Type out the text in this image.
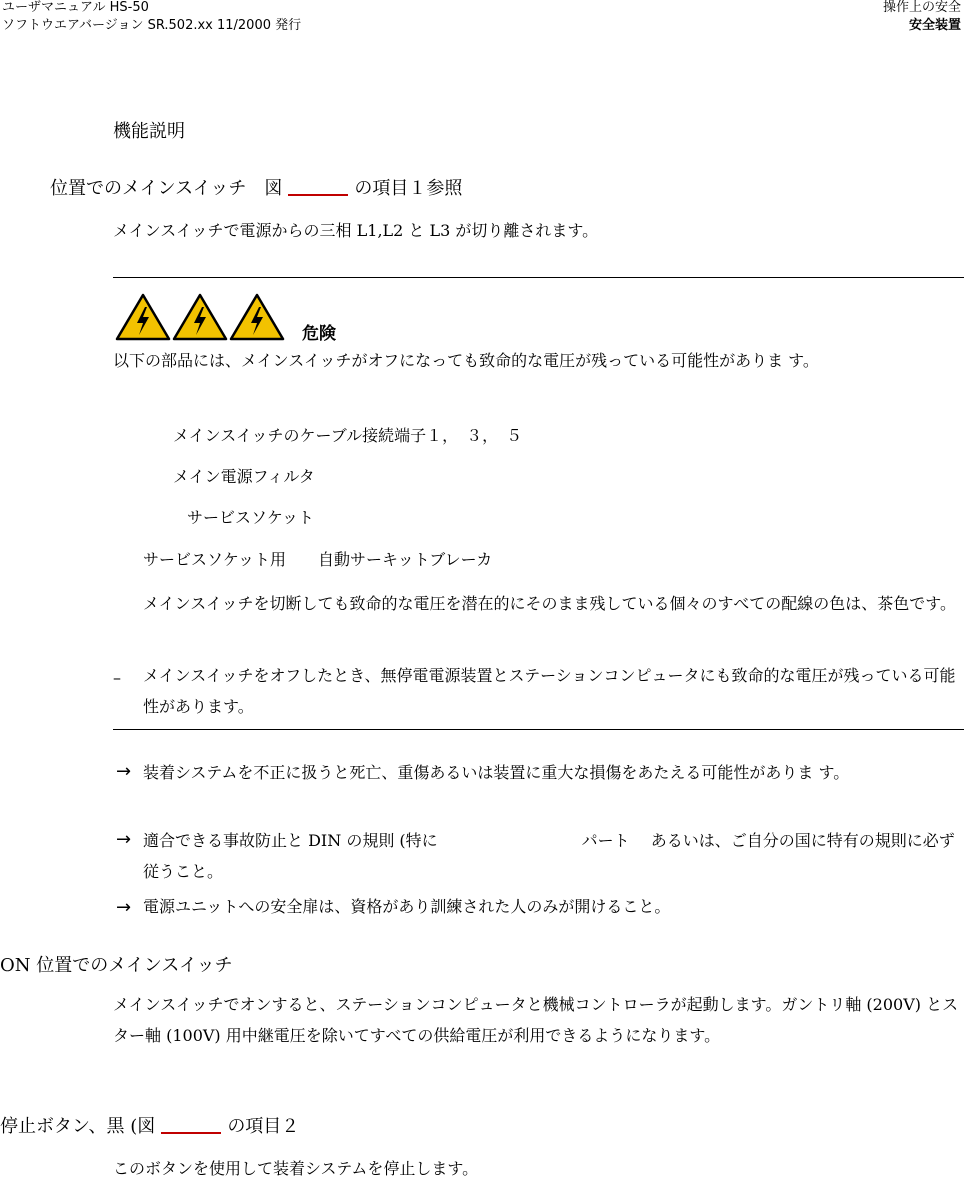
ユーザマニュアル HS-50
ソフトウエアバージョン SR.502.xx 11/2000 発行
操作上の安全
安全装置
機能説明
位置でのメインスイッチ　図	の項目１参照
メインスイッチで電源からの三相 L1,L2 と L3 が切り離されます。
危険
以下の部品には、メインスイッチがオフになっても致命的な電圧が残っている可能性がありま す。
メインスイッチのケーブル接続端子１，　３，　５
メイン電源フィルタ
サービスソケット
サービスソケット用　　自動サーキットブレーカ
メインスイッチを切断しても致命的な電圧を潜在的にそのまま残している個々のすべての配線の色は、茶色です。
– メインスイッチをオフしたとき、無停電電源装置とステーションコンピュータにも致命的な電圧が残っている可能性があります。
→ 装着システムを不正に扱うと死亡、重傷あるいは装置に重大な損傷をあたえる可能性がありま す。
→ 適合できる事故防止と DIN の規則 (特に　　　　　　　　　パート　 あるいは、ご自分の国に特有の規則に必ず従うこと。
→ 電源ユニットへの安全扉は、資格があり訓練された人のみが開けること。
ON 位置でのメインスイッチ
メインスイッチでオンすると、ステーションコンピュータと機械コントローラが起動します。ガントリ軸 (200V) とスター軸 (100V) 用中継電圧を除いてすべての供給電圧が利用できるようになります。
停止ボタン、黒 (図	の項目２
このボタンを使用して装着システムを停止します。
